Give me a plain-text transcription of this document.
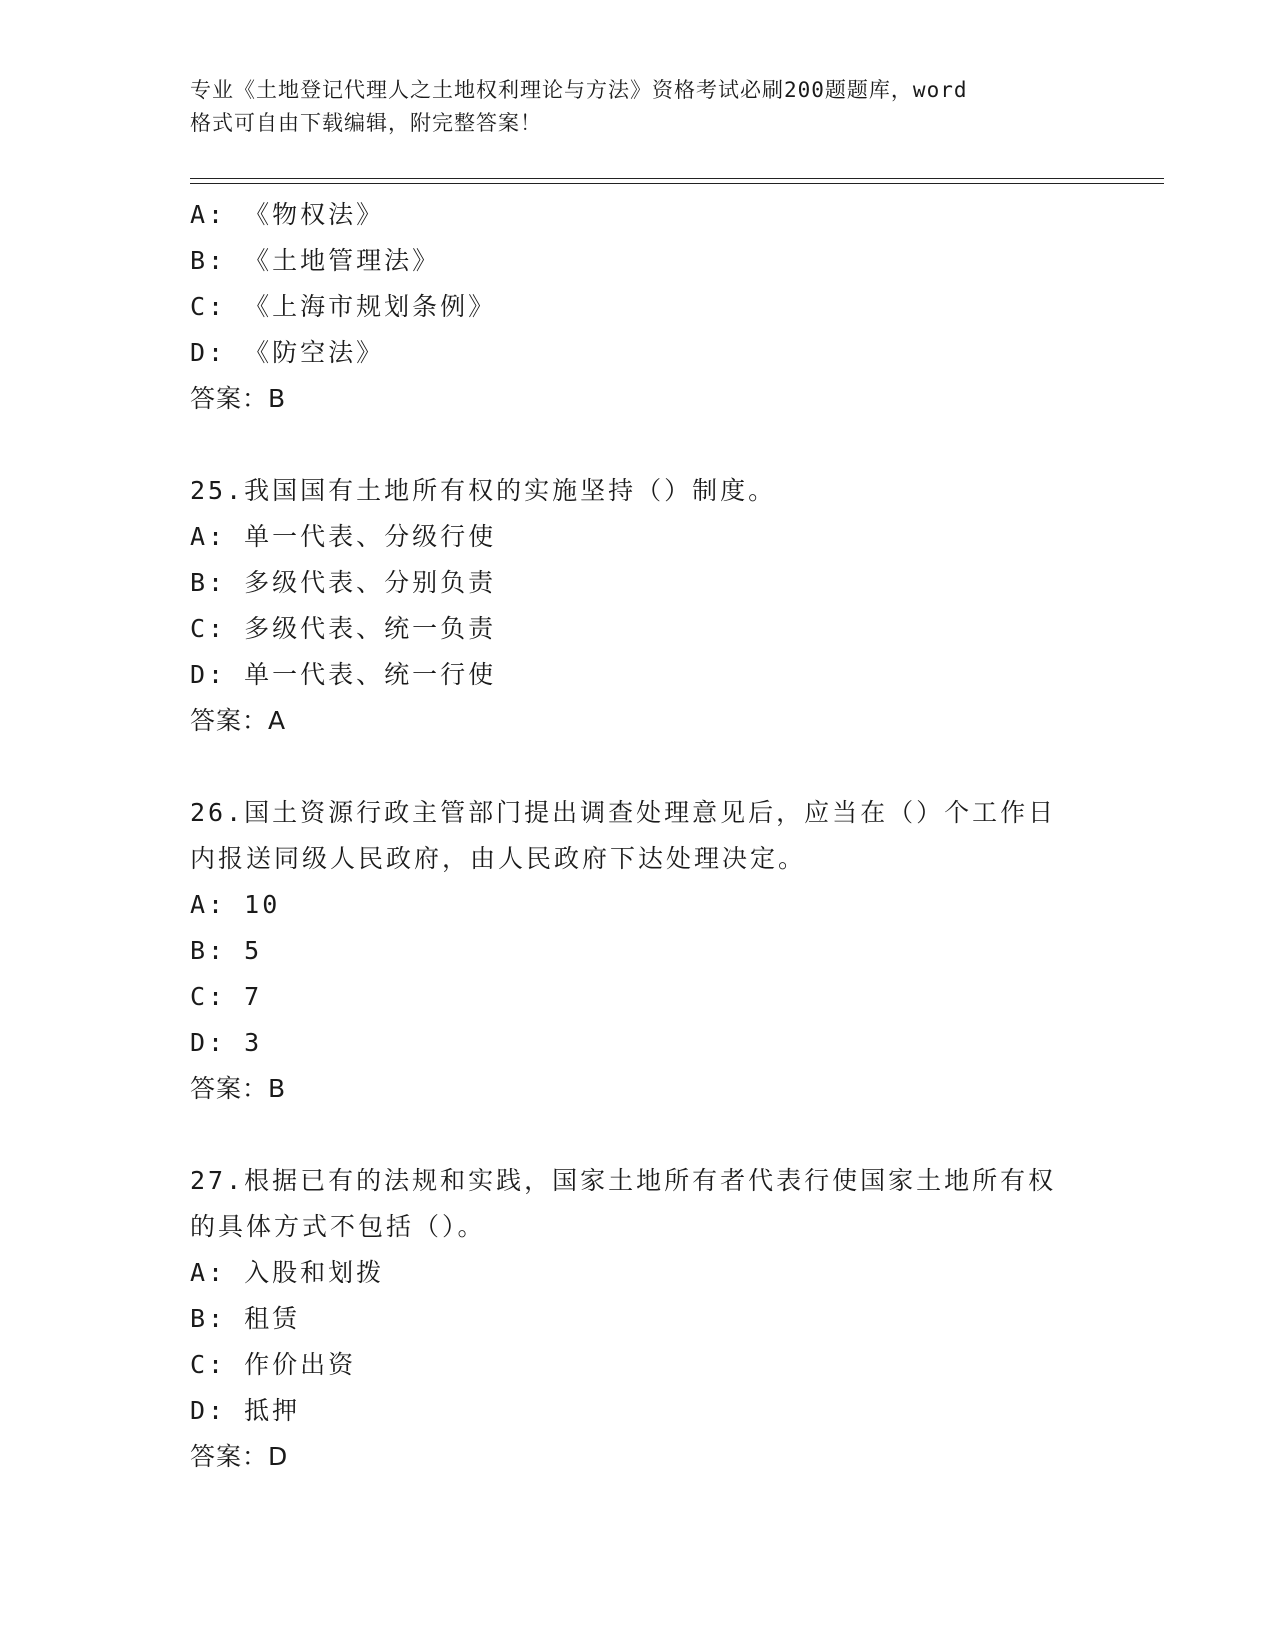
专业《土地登记代理人之土地权利理论与方法》资格考试必刷200题题库，word
格式可自由下载编辑，附完整答案！
A: 《物权法》
B: 《土地管理法》
C: 《上海市规划条例》
D: 《防空法》
答案：B
25.我国国有土地所有权的实施坚持（）制度。
A: 单一代表、分级行使
B: 多级代表、分别负责
C: 多级代表、统一负责
D: 单一代表、统一行使
答案：A
26.国土资源行政主管部门提出调查处理意见后，应当在（）个工作日
内报送同级人民政府，由人民政府下达处理决定。
A: 10
B: 5
C: 7
D: 3
答案：B
27.根据已有的法规和实践，国家土地所有者代表行使国家土地所有权
的具体方式不包括（）。
A: 入股和划拨
B: 租赁
C: 作价出资
D: 抵押
答案：D
